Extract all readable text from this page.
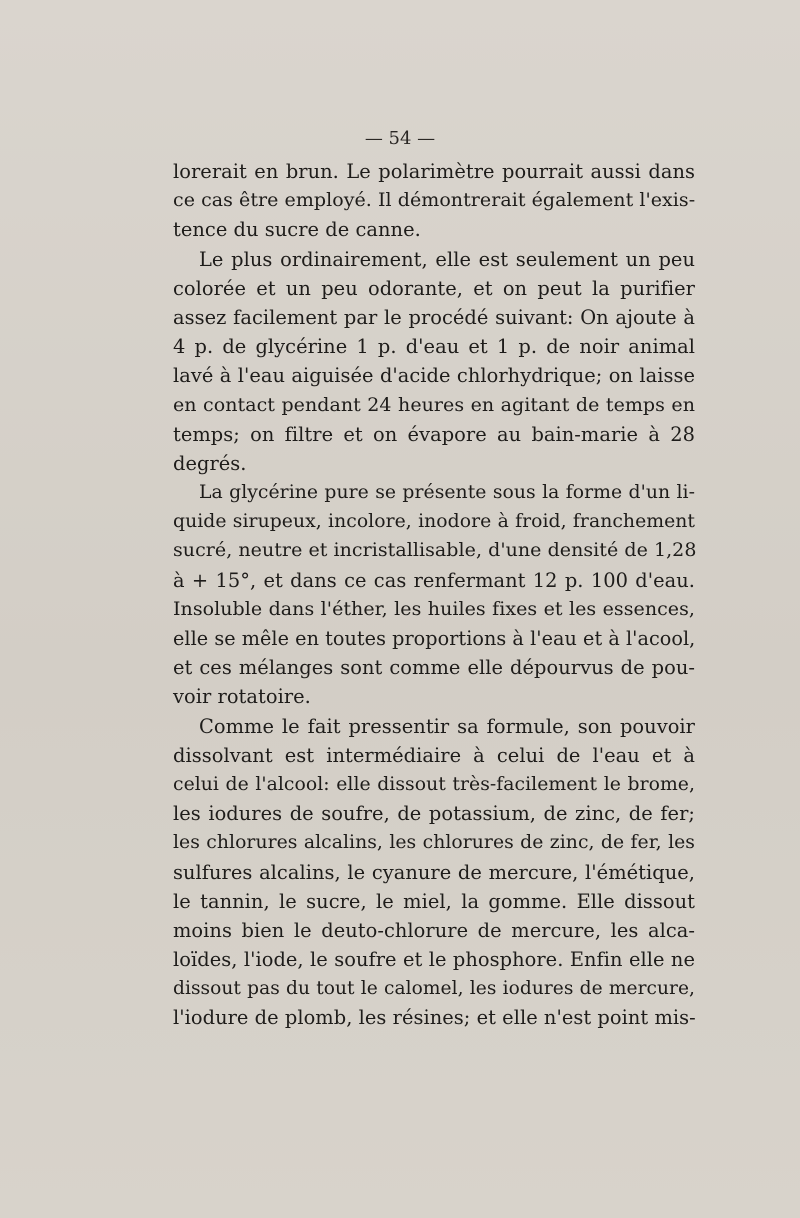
— 54 —
lorerait en brun. Le polarimètre pourrait aussi dans
ce cas être employé. Il démontrerait également l'exis-
tence du sucre de canne.
Le plus ordinairement, elle est seulement un peu
colorée et un peu odorante, et on peut la purifier
assez facilement par le procédé suivant: On ajoute à
4 p. de glycérine 1 p. d'eau et 1 p. de noir animal
lavé à l'eau aiguisée d'acide chlorhydrique; on laisse
en contact pendant 24 heures en agitant de temps en
temps; on filtre et on évapore au bain-marie à 28
degrés.
La glycérine pure se présente sous la forme d'un li-
quide sirupeux, incolore, inodore à froid, franchement
sucré, neutre et incristallisable, d'une densité de 1,28
à + 15°, et dans ce cas renfermant 12 p. 100 d'eau.
Insoluble dans l'éther, les huiles fixes et les essences,
elle se mêle en toutes proportions à l'eau et à l'acool,
et ces mélanges sont comme elle dépourvus de pou-
voir rotatoire.
Comme le fait pressentir sa formule, son pouvoir
dissolvant est intermédiaire à celui de l'eau et à
celui de l'alcool: elle dissout très-facilement le brome,
les iodures de soufre, de potassium, de zinc, de fer;
les chlorures alcalins, les chlorures de zinc, de fer, les
sulfures alcalins, le cyanure de mercure, l'émétique,
le tannin, le sucre, le miel, la gomme. Elle dissout
moins bien le deuto-chlorure de mercure, les alca-
loïdes, l'iode, le soufre et le phosphore. Enfin elle ne
dissout pas du tout le calomel, les iodures de mercure,
l'iodure de plomb, les résines; et elle n'est point mis-
